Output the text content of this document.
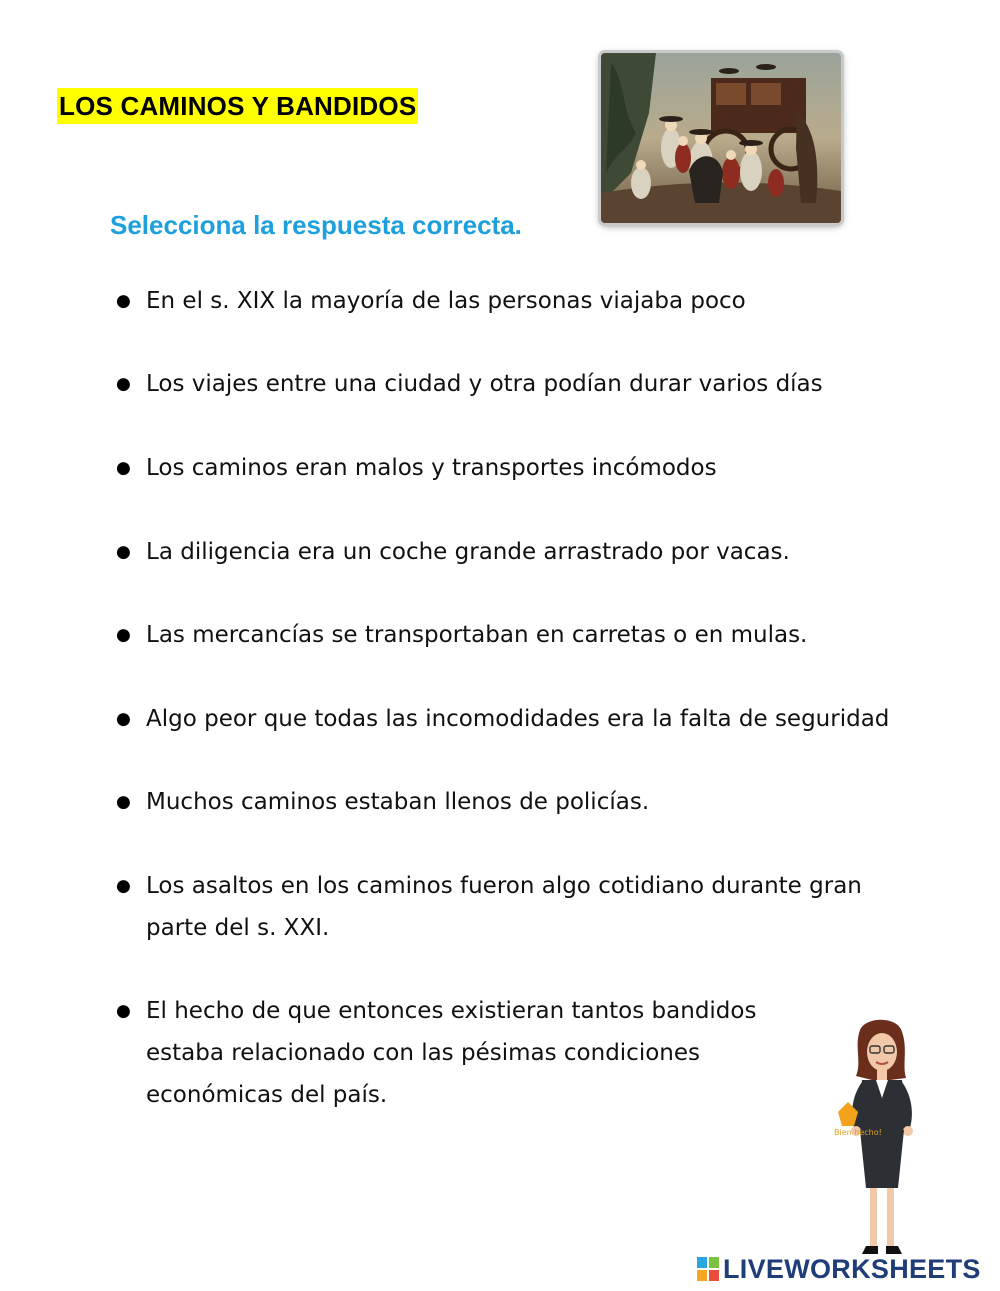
LOS CAMINOS Y BANDIDOS
Selecciona la respuesta correcta.
● En el s. XIX la mayoría de las personas viajaba poco
● Los viajes entre una ciudad y otra podían durar varios días
● Los caminos eran malos y transportes incómodos
● La diligencia era un coche grande arrastrado por vacas.
● Las mercancías se transportaban en carretas o en mulas.
● Algo peor que todas las incomodidades era la falta de seguridad
● Muchos caminos estaban llenos de policías.
● Los asaltos en los caminos fueron algo cotidiano durante gran
parte del s. XXI.
● El hecho de que entonces existieran tantos bandidos
estaba relacionado con las pésimas condiciones
económicas del país.
Bien hecho!
LIVEWORKSHEETS
